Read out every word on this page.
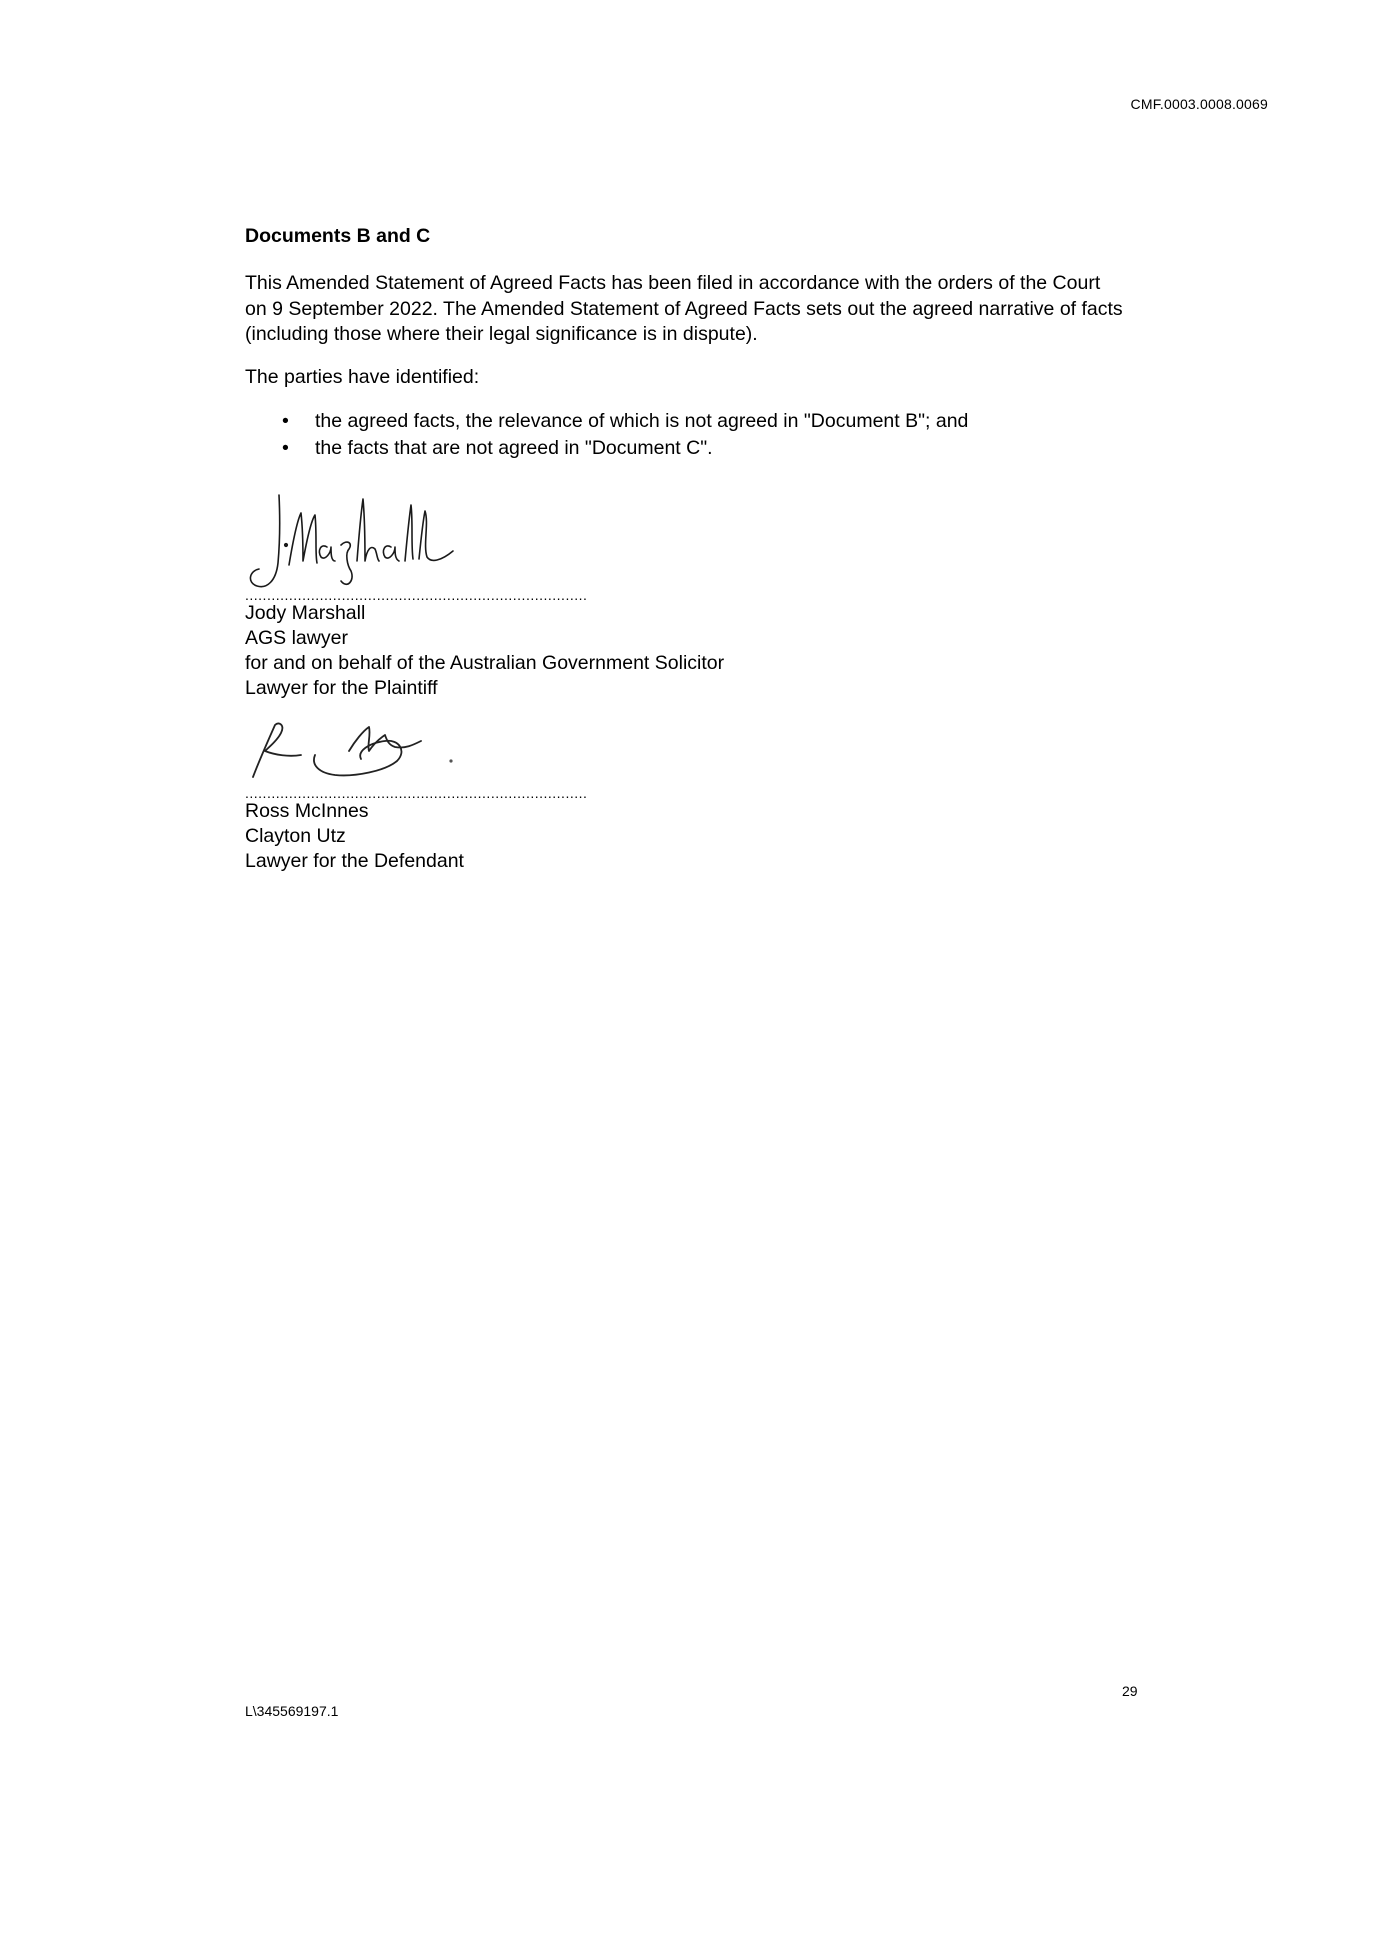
CMF.0003.0008.0069
Documents B and C

This Amended Statement of Agreed Facts has been filed in accordance with the orders of the Court on 9 September 2022. The Amended Statement of Agreed Facts sets out the agreed narrative of facts (including those where their legal significance is in dispute).

The parties have identified:

• the agreed facts, the relevance of which is not agreed in "Document B"; and
• the facts that are not agreed in "Document C".
..............................................................................
Jody Marshall
AGS lawyer
for and on behalf of the Australian Government Solicitor
Lawyer for the Plaintiff
..............................................................................
Ross McInnes
Clayton Utz
Lawyer for the Defendant
29
L\345569197.1
